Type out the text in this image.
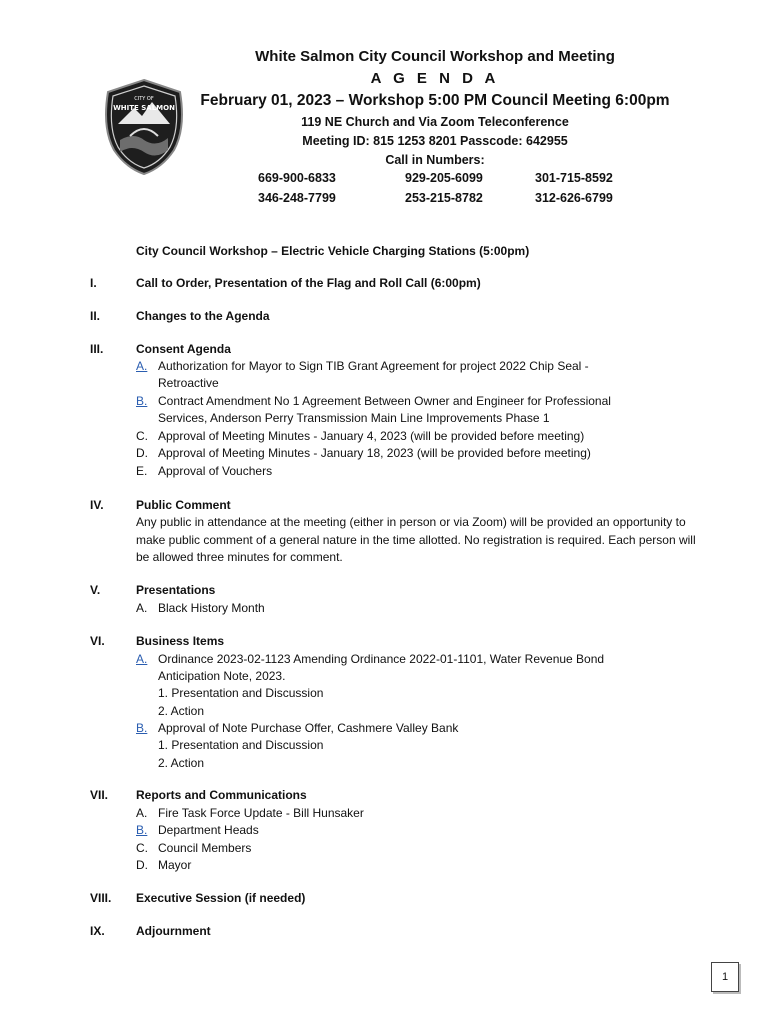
CITY OF
WHITE SALMON
White Salmon City Council Workshop and Meeting
A G E N D A
February 01, 2023 – Workshop 5:00 PM Council Meeting 6:00pm
119 NE Church and Via Zoom Teleconference
Meeting ID: 815 1253 8201 Passcode: 642955
Call in Numbers:
669-900-6833	929-205-6099	301-715-8592
346-248-7799	253-215-8782	312-626-6799
City Council Workshop – Electric Vehicle Charging Stations (5:00pm)
I.	Call to Order, Presentation of the Flag and Roll Call (6:00pm)
II.	Changes to the Agenda
III.	Consent Agenda
A. Authorization for Mayor to Sign TIB Grant Agreement for project 2022 Chip Seal -
Retroactive
B. Contract Amendment No 1 Agreement Between Owner and Engineer for Professional
Services, Anderson Perry Transmission Main Line Improvements Phase 1
C. Approval of Meeting Minutes - January 4, 2023 (will be provided before meeting)
D. Approval of Meeting Minutes - January 18, 2023 (will be provided before meeting)
E. Approval of Vouchers
IV.	Public Comment
Any public in attendance at the meeting (either in person or via Zoom) will be provided an opportunity to make public comment of a general nature in the time allotted. No registration is required. Each person will be allowed three minutes for comment.
V.	Presentations
A. Black History Month
VI.	Business Items
A. Ordinance 2023-02-1123 Amending Ordinance 2022-01-1101, Water Revenue Bond
Anticipation Note, 2023.
1. Presentation and Discussion
2. Action
B. Approval of Note Purchase Offer, Cashmere Valley Bank
1. Presentation and Discussion
2. Action
VII. Reports and Communications
A. Fire Task Force Update - Bill Hunsaker
B. Department Heads
C. Council Members
D. Mayor
VIII. Executive Session (if needed)
IX.	Adjournment
1
